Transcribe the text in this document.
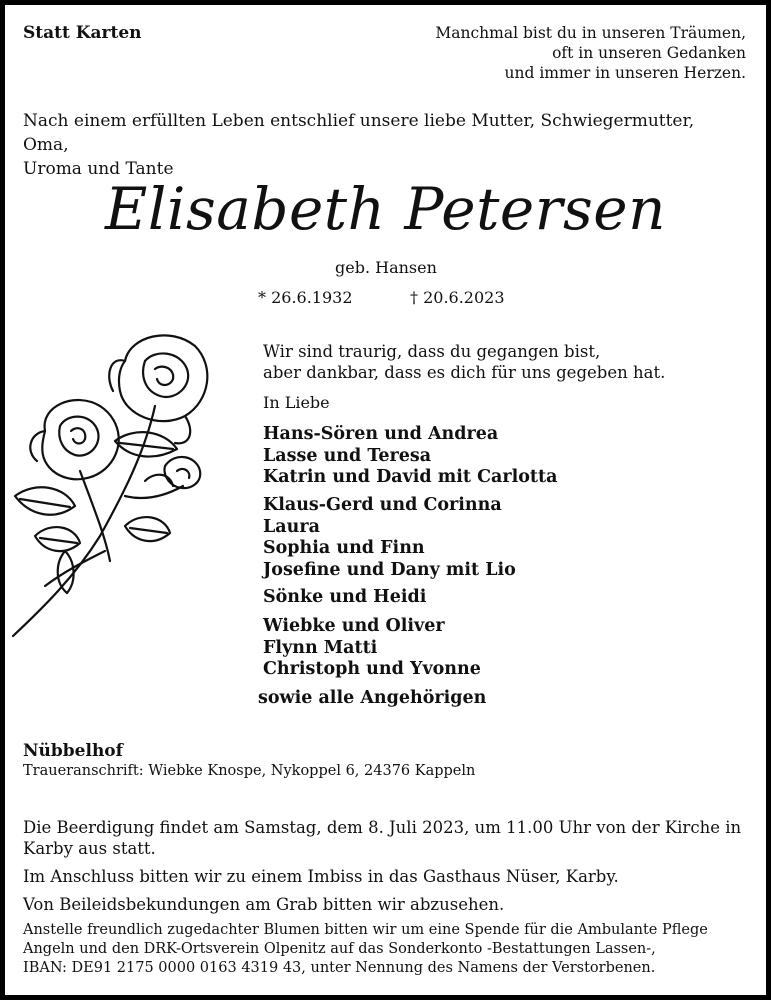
Statt Karten	Manchmal bist du in unseren Träumen,
oft in unseren Gedanken
und immer in unseren Herzen.
Nach einem erfüllten Leben entschlief unsere liebe Mutter, Schwiegermutter, Oma,
Uroma und Tante
Elisabeth Petersen
geb. Hansen
* 26.6.1932	† 20.6.2023
Wir sind traurig, dass du gegangen bist,
aber dankbar, dass es dich für uns gegeben hat.
In Liebe
Hans-Sören und Andrea
Lasse und Teresa
Katrin und David mit Carlotta
Klaus-Gerd und Corinna
Laura
Sophia und Finn
Josefine und Dany mit Lio
Sönke und Heidi
Wiebke und Oliver
Flynn Matti
Christoph und Yvonne
sowie alle Angehörigen
Nübbelhof
Traueranschrift: Wiebke Knospe, Nykoppel 6, 24376 Kappeln
Die Beerdigung findet am Samstag, dem 8. Juli 2023, um 11.00 Uhr von der Kirche in
Karby aus statt.
Im Anschluss bitten wir zu einem Imbiss in das Gasthaus Nüser, Karby.
Von Beileidsbekundungen am Grab bitten wir abzusehen.
Anstelle freundlich zugedachter Blumen bitten wir um eine Spende für die Ambulante Pflege
Angeln und den DRK-Ortsverein Olpenitz auf das Sonderkonto -Bestattungen Lassen-,
IBAN: DE91 2175 0000 0163 4319 43, unter Nennung des Namens der Verstorbenen.
